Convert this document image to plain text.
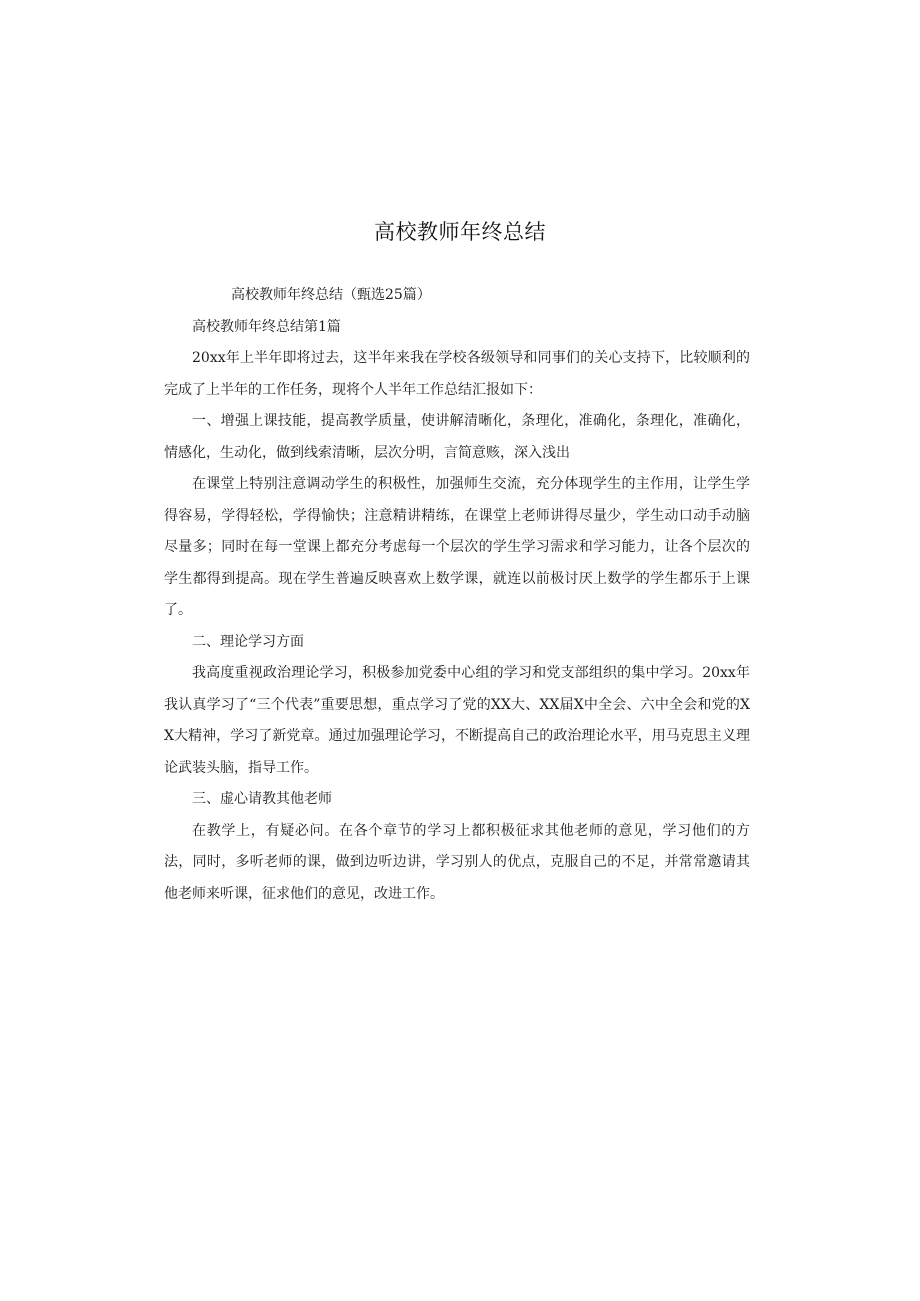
高校教师年终总结

高校教师年终总结（甄选25篇）

高校教师年终总结第1篇

20xx年上半年即将过去，这半年来我在学校各级领导和同事们的关心支持下，比较顺利的完成了上半年的工作任务，现将个人半年工作总结汇报如下：

一、增强上课技能，提高教学质量，使讲解清晰化，条理化，准确化，条理化，准确化，情感化，生动化，做到线索清晰，层次分明，言简意赅，深入浅出

在课堂上特别注意调动学生的积极性，加强师生交流，充分体现学生的主作用，让学生学得容易，学得轻松，学得愉快；注意精讲精练，在课堂上老师讲得尽量少，学生动口动手动脑尽量多；同时在每一堂课上都充分考虑每一个层次的学生学习需求和学习能力，让各个层次的学生都得到提高。现在学生普遍反映喜欢上数学课，就连以前极讨厌上数学的学生都乐于上课了。

二、理论学习方面

我高度重视政治理论学习，积极参加党委中心组的学习和党支部组织的集中学习。20xx年我认真学习了“三个代表”重要思想，重点学习了党的XX大、XX届X中全会、六中全会和党的XX大精神，学习了新党章。通过加强理论学习，不断提高自己的政治理论水平，用马克思主义理论武装头脑，指导工作。

三、虚心请教其他老师

在教学上，有疑必问。在各个章节的学习上都积极征求其他老师的意见，学习他们的方法，同时，多听老师的课，做到边听边讲，学习别人的优点，克服自己的不足，并常常邀请其他老师来听课，征求他们的意见，改进工作。
